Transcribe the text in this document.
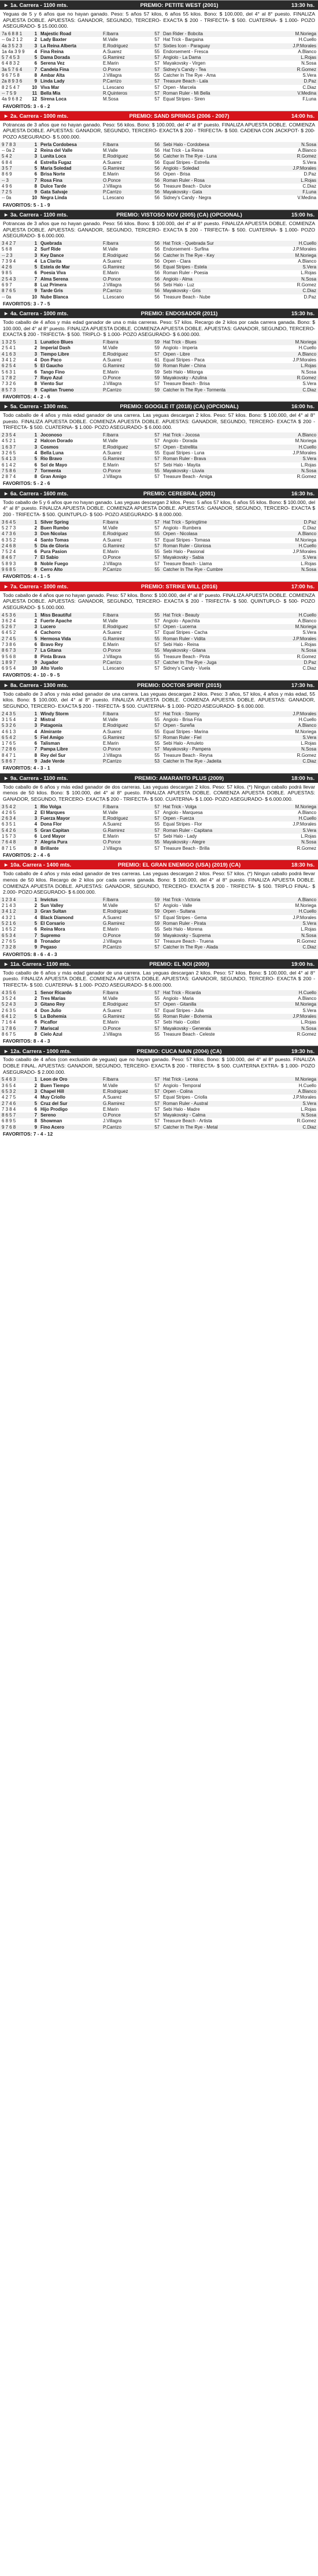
► 1a. Carrera - 1100 mts.	PREMIO: PETITE WEST (2001)	13:30 hs.

Yeguas de 5 y 6 años que no hayan ganado. Peso: 5 años 57 kilos, 6 años 55 kilos. Bono: $ 100.000, del 4° al 8° puesto. FINALIZA APUESTA DOBLE. APUESTAS: GANADOR, SEGUNDO, TERCERO- EXACTA $ 200 - TRIFECTA- $ 500. CUATERNA- $ 1.000- POZO ASEGURADO- $ 15.000.000.

7a 6 8 8 1	1	Majestic Road	F.Ibarra	57	Dan Rider - Bobcita	M.Noriega
-- 0a 2 1 2	2	Lady Baxter	M.Valle	57	Hat Trick - Bargaina	H.Cuello
4a 3 5 2 3	3	La Reina Alberta	E.Rodriguez	57	Sixties Icon - Paraguay	J.P.Morales
1a 4a 3 9 9	4	Fina Reina	A.Suarez	55	Endorsement - Fresca	A.Blanco
5 7 4 5 3	5	Dama Dorada	G.Ramirez	57	Angiolo - La Dama	L.Rojas
6 4 8 3 2	6	Serena Vez	E.Marin	57	Mayakovsky - Virgen	N.Sosa
3a 5 7 6 4	7	Candela Fina	O.Ponce	57	Sidney's Candy - Tea	R.Gomez
9 6 7 5 8	8	Ambar Alta	J.Villagra	55	Catcher In The Rye - Ama	S.Vera
2a 8 9 3 6	9	Linda Lady	P.Carrizo	57	Treasure Beach - Lala	D.Paz
8 2 5 4 7	10	Viva Mar	L.Lescano	57	Orpen - Marcela	C.Diaz
-- 7 5 9	11	Bella Mia	R.Quinteros	57	Roman Ruler - Mi Bella	V.Medina
4a 9 6 8 2	12	Sirena Loca	M.Sosa	57	Equal Stripes - Siren	F.Luna
FAVORITOS: 3 - 6 - 2
► 2a. Carrera - 1000 mts.	PREMIO: SAND SPRINGS (2006 - 2007)	14:00 hs.

Potrancas de 3 años que no hayan ganado. Peso: 56 kilos. Bono: $ 100.000, del 4° al 8° puesto. FINALIZA APUESTA DOBLE. COMIENZA APUESTA DOBLE. APUESTAS: GANADOR, SEGUNDO, TERCERO- EXACTA $ 200 - TRIFECTA- $ 500. CADENA CON JACKPOT- $ 200- POZO ASEGURADO- $ 5.000.000.

9 7 8 3	1	Perla Cordobesa	F.Ibarra	56	Sebi Halo - Cordobesa	N.Sosa
-- 0a 2	2	Reina del Valle	M.Valle	56	Hat Trick - La Reina	A.Blanco
5 4 2	3	Lunita Loca	E.Rodriguez	56	Catcher In The Rye - Luna	R.Gomez
6 8 4	4	Estrella Fugaz	A.Suarez	56	Equal Stripes - Estrella	S.Vera
3 5 7	5	Maria Soledad	G.Ramirez	56	Angiolo - Soledad	J.P.Morales
8 6 9	6	Brisa Norte	E.Marin	56	Orpen - Brisa	D.Paz
-- 3	7	Rosa Fina	O.Ponce	56	Roman Ruler - Rosa	L.Rojas
4 9 6	8	Dulce Tarde	J.Villagra	56	Treasure Beach - Dulce	C.Diaz
7 2 5	9	Gata Salvaje	P.Carrizo	56	Mayakovsky - Gata	F.Luna
-- 0a	10	Negra Linda	L.Lescano	56	Sidney's Candy - Negra	V.Medina
FAVORITOS: 5 - 1 - 9
► 3a. Carrera - 1100 mts.	PREMIO: VISTOSO NOV (2005) (CA) (OPCIONAL)	15:00 hs.

Potrancas de 3 años que no hayan ganado. Peso: 56 kilos. Bono: $ 100.000, del 4° al 8° puesto. FINALIZA APUESTA DOBLE. COMIENZA APUESTA DOBLE. APUESTAS: GANADOR, SEGUNDO, TERCERO- EXACTA $ 200 - TRIFECTA- $ 500. CUATERNA- $ 1.000- POZO ASEGURADO- $ 6.000.000.

3 4 2 7	1	Quebrada	F.Ibarra	56	Hat Trick - Quebrada Sur	H.Cuello
5 6 8	2	Surf Ride	M.Valle	56	Endorsement - Surfina	J.P.Morales
-- 2 3	3	Key Dance	E.Rodriguez	56	Catcher In The Rye - Key	M.Noriega
7 3 9 4	4	La Clarita	A.Suarez	56	Orpen - Clara	A.Blanco
4 2 6	5	Estela de Mar	G.Ramirez	56	Equal Stripes - Estela	S.Vera
9 8 5	6	Poesia Viva	E.Marin	56	Roman Ruler - Poesia	L.Rojas
2 5 4 3	7	Alma Serena	O.Ponce	56	Angiolo - Alma	N.Sosa
6 9 7	8	Luz Primera	J.Villagra	56	Sebi Halo - Luz	R.Gomez
8 7 6 5	9	Tarde Gris	P.Carrizo	56	Mayakovsky - Gris	C.Diaz
-- 0a	10	Nube Blanca	L.Lescano	56	Treasure Beach - Nube	D.Paz
FAVORITOS: 3 - 7 - 5
► 4a. Carrera - 1000 mts.	PREMIO: ENDOSADOR (2011)	15:30 hs.

Todo caballo de 4 años y más edad ganador de una o más carreras. Peso: 57 kilos. Recargo de 2 kilos por cada carrera ganada. Bono: $ 100.000, del 4° al 8° puesto. FINALIZA APUESTA DOBLE. COMIENZA APUESTA DOBLE. APUESTAS: GANADOR, SEGUNDO, TERCERO- EXACTA $ 200 - TRIFECTA- $ 500. TRIPLO- $ 1.000- POZO ASEGURADO- $ 6.000.000.

1 3 2 5	1	Lunatico Blues	F.Ibarra	59	Hat Trick - Blues	M.Noriega
2 5 4 1	2	Imperial Dash	M.Valle	59	Angiolo - Imperia	H.Cuello
4 1 6 3	3	Tiempo Libre	E.Rodriguez	57	Orpen - Libre	A.Blanco
3 4 1 2	4	Don Paco	A.Suarez	61	Equal Stripes - Paca	J.P.Morales
6 2 5 4	5	El Gaucho	G.Ramirez	59	Roman Ruler - China	L.Rojas
5 6 3 1	6	Tango Fino	E.Marin	59	Sebi Halo - Milonga	N.Sosa
1 7 8 2	7	Rayo Azul	O.Ponce	59	Mayakovsky - Azulina	R.Gomez
7 3 2 6	8	Viento Sur	J.Villagra	57	Treasure Beach - Brisa	S.Vera
8 5 7 3	9	Capitan Trueno	P.Carrizo	59	Catcher In The Rye - Tormenta	C.Diaz
FAVORITOS: 4 - 2 - 6
► 5a. Carrera - 1300 mts.	PREMIO: GOOGLE IT (2018) (CA) (OPCIONAL)	16:00 hs.

Todo caballo de 4 años y más edad ganador de una carrera. Las yeguas descargan 2 kilos. Peso: 57 kilos. Bono: $ 100.000, del 4° al 8° puesto. FINALIZA APUESTA DOBLE. COMIENZA APUESTA DOBLE. APUESTAS: GANADOR, SEGUNDO, TERCERO- EXACTA $ 200 - TRIFECTA- $ 500. CUATERNA- $ 1.000- POZO ASEGURADO- $ 6.000.000.

2 3 5 4	1	Joconoso	F.Ibarra	57	Hat Trick - Jocosa	A.Blanco
4 5 2 1	2	Halcon Dorado	M.Valle	57	Angiolo - Dorada	M.Noriega
1 6 3 7	3	Cosmos	E.Rodriguez	57	Orpen - Estrellita	H.Cuello
3 2 6 5	4	Bella Luna	A.Suarez	55	Equal Stripes - Luna	J.P.Morales
5 4 1 3	5	Rio Bravo	G.Ramirez	57	Roman Ruler - Brava	S.Vera
6 1 4 2	6	Sol de Mayo	E.Marin	57	Sebi Halo - Mayita	L.Rojas
7 5 8 6	7	Tormenta	O.Ponce	55	Mayakovsky - Lluvia	N.Sosa
2 8 7 4	8	Gran Amigo	J.Villagra	57	Treasure Beach - Amiga	R.Gomez
FAVORITOS: 5 - 2 - 6
► 6a. Carrera - 1600 mts.	PREMIO: CEREBRAL (2001)	16:30 hs.

Todo caballo de 5 y 6 años que no hayan ganado. Las yeguas descargan 2 kilos. Peso: 5 años 57 kilos, 6 años 55 kilos. Bono: $ 100.000, del 4° al 8° puesto. FINALIZA APUESTA DOBLE. COMIENZA APUESTA DOBLE. APUESTAS: GANADOR, SEGUNDO, TERCERO- EXACTA $ 200 - TRIFECTA- $ 500. QUINTUPLO- $ 500- POZO ASEGURADO- $ 8.000.000.

3 6 4 5	1	Silver Spring	F.Ibarra	57	Hat Trick - Springtime	D.Paz
5 2 7 3	2	Buen Rumbo	M.Valle	57	Angiolo - Rumbera	C.Diaz
4 7 3 6	3	Don Nicolas	E.Rodriguez	55	Orpen - Nicolasa	A.Blanco
6 3 5 2	4	Santo Tomas	A.Suarez	57	Equal Stripes - Tomasa	M.Noriega
2 4 6 8	5	Dia de Gloria	G.Ramirez	57	Roman Ruler - Gloriosa	H.Cuello
7 5 2 4	6	Pura Pasion	E.Marin	55	Sebi Halo - Pasional	J.P.Morales
8 4 6 7	7	El Sabio	O.Ponce	57	Mayakovsky - Sabia	S.Vera
5 8 9 3	8	Noble Fuego	J.Villagra	57	Treasure Beach - Llama	L.Rojas
9 6 8 5	9	Cerro Alto	P.Carrizo	55	Catcher In The Rye - Cumbre	N.Sosa
FAVORITOS: 4 - 1 - 5
► 7a. Carrera - 1000 mts.	PREMIO: STRIKE WILL (2016)	17:00 hs.

Todo caballo de 4 años que no hayan ganado. Peso: 57 kilos. Bono: $ 100.000, del 4° al 8° puesto. FINALIZA APUESTA DOBLE. COMIENZA APUESTA DOBLE. APUESTAS: GANADOR, SEGUNDO, TERCERO- EXACTA $ 200 - TRIFECTA- $ 500. QUINTUPLO- $ 500- POZO ASEGURADO- $ 5.000.000.

4 5 3 6	1	Miss Beautiful	F.Ibarra	55	Hat Trick - Beauty	H.Cuello
3 6 2 4	2	Fuerte Apache	M.Valle	57	Angiolo - Apachita	A.Blanco
5 2 6 7	3	Lucero	E.Rodriguez	57	Orpen - Lucerna	M.Noriega
6 4 5 2	4	Cachorro	A.Suarez	57	Equal Stripes - Cacha	S.Vera
2 7 4 5	5	Hermosa Vida	G.Ramirez	55	Roman Ruler - Vidita	J.P.Morales
7 3 8 6	6	Bravo Rey	E.Marin	57	Sebi Halo - Reina	L.Rojas
8 6 7 3	7	La Gitana	O.Ponce	55	Mayakovsky - Gitana	N.Sosa
9 5 6 8	8	Pinta Brava	J.Villagra	55	Treasure Beach - Pinta	R.Gomez
1 8 9 7	9	Jugador	P.Carrizo	57	Catcher In The Rye - Juga	D.Paz
6 9 5 4	10	Alto Vuelo	L.Lescano	57	Sidney's Candy - Vuela	C.Diaz
FAVORITOS: 4 - 10 - 9 - 5
► 8a. Carrera - 1300 mts.	PREMIO: DOCTOR SPIRIT (2015)	17:30 hs.

Todo caballo de 3 años y más edad ganador de una carrera. Las yeguas descargan 2 kilos. Peso: 3 años, 57 kilos, 4 años y más edad, 55 kilos. Bono: $ 100.000, del 4° al 8° puesto. FINALIZA APUESTA DOBLE. COMIENZA APUESTA DOBLE. APUESTAS: GANADOR, SEGUNDO, TERCERO- EXACTA $ 200 - TRIFECTA- $ 500. CUATERNA- $ 1.000- POZO ASEGURADO- $ 6.000.000.

2 4 3 5	1	Windy Storm	F.Ibarra	57	Hat Trick - Stormy	J.P.Morales
3 1 5 4	2	Mistral	M.Valle	55	Angiolo - Brisa Fria	H.Cuello
5 3 2 6	3	Patagonia	E.Rodriguez	57	Orpen - Sureña	A.Blanco
4 6 1 3	4	Almirante	A.Suarez	55	Equal Stripes - Marina	M.Noriega
6 5 4 2	5	Fiel Amigo	G.Ramirez	57	Roman Ruler - Fiel	S.Vera
1 7 6 5	6	Talisman	E.Marin	55	Sebi Halo - Amuleto	L.Rojas
7 2 8 6	7	Pampa Libre	O.Ponce	57	Mayakovsky - Pampera	N.Sosa
8 4 7 1	8	Rey del Sur	J.Villagra	55	Treasure Beach - Reyna	R.Gomez
5 8 6 7	9	Jade Verde	P.Carrizo	53	Catcher In The Rye - Jadeita	C.Diaz
FAVORITOS: 4 - 3 - 1
► 9a. Carrera - 1100 mts.	PREMIO: AMARANTO PLUS (2009)	18:00 hs.

Todo caballo de 6 años y más edad ganador de dos carreras. Las yeguas descargan 2 kilos. Peso: 57 kilos. (*) Ningun caballo podrá llevar menos de 50 kilos. Bono: $ 100.000, del 4° al 8° puesto. FINALIZA APUESTA DOBLE. COMIENZA APUESTA DOBLE. APUESTAS: GANADOR, SEGUNDO, TERCERO- EXACTA $ 200 - TRIFECTA- $ 500. CUATERNA- $ 1.000- POZO ASEGURADO- $ 6.000.000.

3 5 4 2	1	Rio Volga	F.Ibarra	57	Hat Trick - Volga	M.Noriega
4 2 6 5	2	El Marques	M.Valle	57	Angiolo - Marquesa	A.Blanco
2 6 3 4	3	Fuerza Mayor	E.Rodriguez	57	Orpen - Fuerza	H.Cuello
6 3 5 1	4	Dona Flor	A.Suarez	55	Equal Stripes - Flor	J.P.Morales
5 4 2 6	5	Gran Capitan	G.Ramirez	57	Roman Ruler - Capitana	S.Vera
1 5 7 3	6	Lord Mayor	E.Marin	57	Sebi Halo - Lady	L.Rojas
7 6 4 8	7	Alegria Pura	O.Ponce	55	Mayakovsky - Alegre	N.Sosa
8 7 1 5	8	Brillante	J.Villagra	57	Treasure Beach - Brilla	R.Gomez
FAVORITOS: 2 - 4 - 6
► 10a. Carrera - 1400 mts.	PREMIO: EL GRAN ENEMIGO (USA) (2019) (CA)	18:30 hs.

Todo caballo de 4 años y más edad ganador de tres carreras. Las yeguas descargan 2 kilos. Peso: 57 kilos. (*) Ningun caballo podrá llevar menos de 50 kilos. Recargo de 2 kilos por cada carrera ganada. Bono: $ 100.000, del 4° al 8° puesto. FINALIZA APUESTA DOBLE. COMIENZA APUESTA DOBLE. APUESTAS: GANADOR, SEGUNDO, TERCERO- EXACTA $ 200 - TRIFECTA- $ 500. TRIPLO FINAL- $ 2.000- POZO ASEGURADO- $ 6.000.000.

1 2 3 4	1	Invictus	F.Ibarra	59	Hat Trick - Victoria	A.Blanco
2 1 4 3	2	Sun Valley	M.Valle	57	Angiolo - Valle	M.Noriega
3 4 1 2	3	Gran Sultan	E.Rodriguez	59	Orpen - Sultana	H.Cuello
4 3 2 1	4	Black Diamond	A.Suarez	57	Equal Stripes - Gema	J.P.Morales
5 2 1 6	5	El Corsario	G.Ramirez	59	Roman Ruler - Pirata	S.Vera
1 6 5 2	6	Reina Mora	E.Marin	55	Sebi Halo - Morena	L.Rojas
6 5 3 4	7	Supremo	O.Ponce	59	Mayakovsky - Suprema	N.Sosa
2 7 6 5	8	Tronador	J.Villagra	57	Treasure Beach - Truena	R.Gomez
7 3 2 8	9	Pegaso	P.Carrizo	57	Catcher In The Rye - Alada	C.Diaz
FAVORITOS: 8 - 6 - 4 - 3
► 11a. Carrera - 1100 mts.	PREMIO: EL NOI (2000)	19:00 hs.

Todo caballo de 6 años y más edad ganador de una carrera. Las yeguas descargan 2 kilos. Peso: 57 kilos. Bono: $ 100.000, del 4° al 8° puesto. FINALIZA APUESTA DOBLE. COMIENZA APUESTA DOBLE. APUESTAS: GANADOR, SEGUNDO, TERCERO- EXACTA $ 200 - TRIFECTA- $ 500. CUATERNA- $ 1.000- POZO ASEGURADO- $ 6.000.000.

4 3 5 6	1	Senor Ricardo	F.Ibarra	57	Hat Trick - Ricarda	H.Cuello
3 5 2 4	2	Tres Marias	M.Valle	55	Angiolo - Maria	A.Blanco
5 2 4 3	3	Gitano Rey	E.Rodriguez	57	Orpen - Gitanilla	M.Noriega
2 6 3 5	4	Don Julio	A.Suarez	57	Equal Stripes - Julia	S.Vera
6 4 1 2	5	La Bohemia	G.Ramirez	55	Roman Ruler - Bohemia	J.P.Morales
7 1 6 4	6	Picaflor	E.Marin	57	Sebi Halo - Colibri	L.Rojas
1 7 8 6	7	Mariscal	O.Ponce	57	Mayakovsky - Generala	N.Sosa
8 6 7 5	8	Cielo Azul	J.Villagra	55	Treasure Beach - Celeste	R.Gomez
FAVORITOS: 8 - 4 - 3
► 12a. Carrera - 1000 mts.	PREMIO: CUCA NAIN (2004) (CA)	19:30 hs.

Todo caballo de 4 años (con exclusión de yeguas) que no hayan ganado. Peso: 57 kilos. Bono: $ 100.000, del 4° al 8° puesto. FINALIZA DOBLE FINAL. APUESTAS: GANADOR, SEGUNDO, TERCERO- EXACTA $ 200 - TRIFECTA- $ 500. CUATERNA EXTRA- $ 1.000- POZO ASEGURADO- $ 2.000.000.

5 4 6 3	1	Leon de Oro	F.Ibarra	57	Hat Trick - Leona	M.Noriega
3 6 5 4	2	Buen Tiempo	M.Valle	57	Angiolo - Temporal	H.Cuello
6 5 3 2	3	Chapel Hill	E.Rodriguez	57	Orpen - Colina	A.Blanco
4 2 7 5	4	Muy Criollo	A.Suarez	57	Equal Stripes - Criolla	J.P.Morales
2 7 4 6	5	Cruz del Sur	G.Ramirez	57	Roman Ruler - Austral	S.Vera
7 3 8 4	6	Hijo Prodigo	E.Marin	57	Sebi Halo - Madre	L.Rojas
8 6 5 7	7	Sereno	O.Ponce	57	Mayakovsky - Calma	N.Sosa
6 8 9 5	8	Showman	J.Villagra	57	Treasure Beach - Artista	R.Gomez
9 7 6 8	9	Fino Acero	P.Carrizo	57	Catcher In The Rye - Metal	C.Diaz
FAVORITOS: 7 - 4 - 12
